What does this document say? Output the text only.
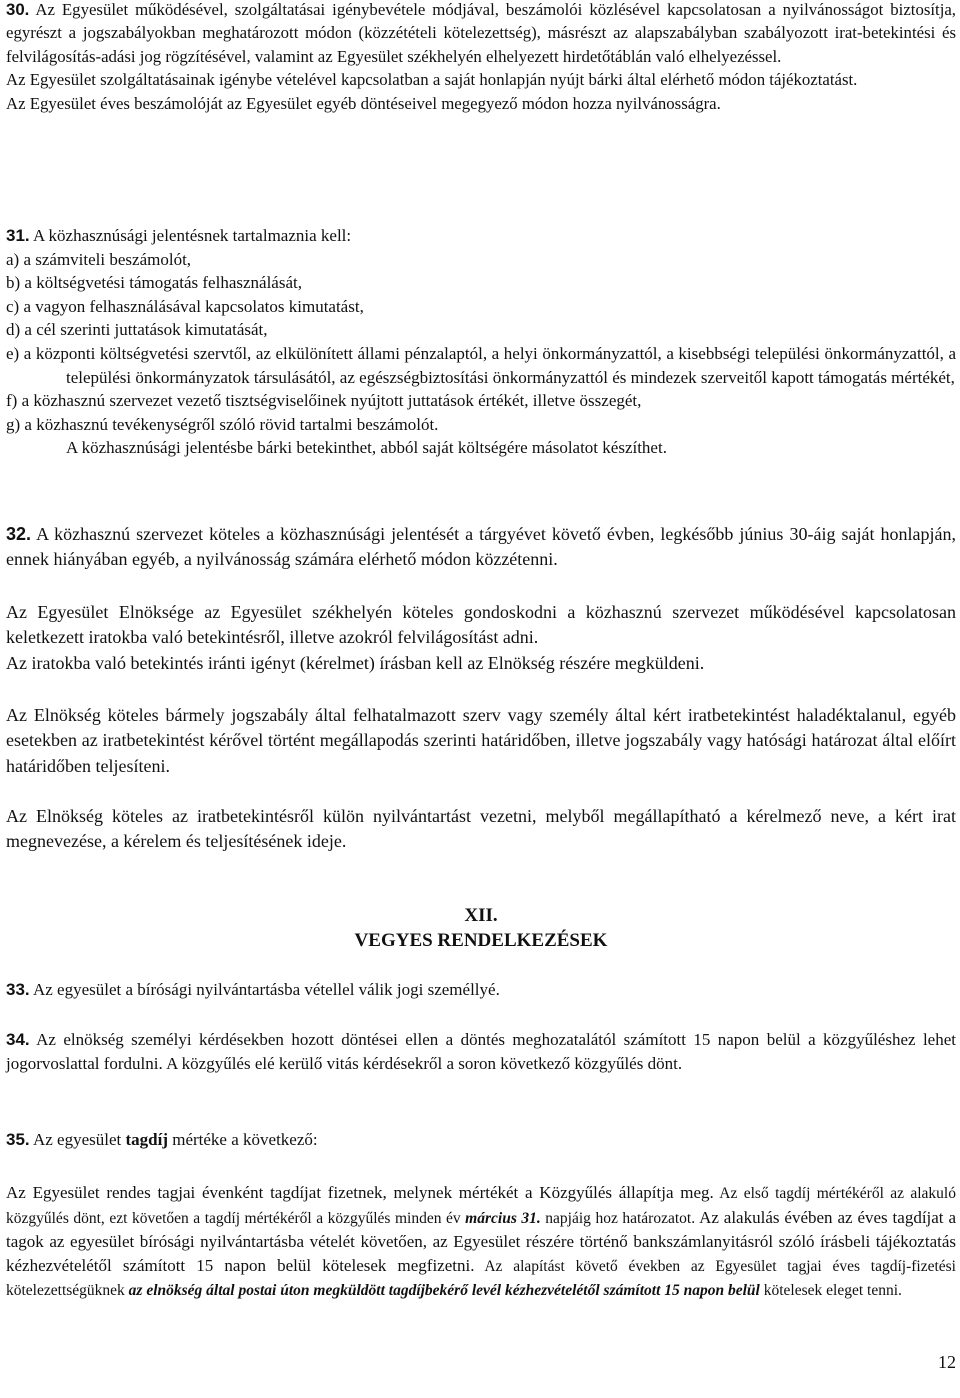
30. Az Egyesület működésével, szolgáltatásai igénybevétele módjával, beszámolói közlésével kapcsolatosan a nyilvánosságot biztosítja, egyrészt a jogszabályokban meghatározott módon (közzétételi kötelezettség), másrészt az alapszabályban szabályozott irat-betekintési és felvilágosítás-adási jog rögzítésével, valamint az Egyesület székhelyén elhelyezett hirdetőtáblán való elhelyezéssel.

Az Egyesület szolgáltatásainak igénybe vételével kapcsolatban a saját honlapján nyújt bárki által elérhető módon tájékoztatást.

Az Egyesület éves beszámolóját az Egyesület egyéb döntéseivel megegyező módon hozza nyilvánosságra.

31. A közhasznúsági jelentésnek tartalmaznia kell:

a) a számviteli beszámolót,

b) a költségvetési támogatás felhasználását,

c) a vagyon felhasználásával kapcsolatos kimutatást,

d) a cél szerinti juttatások kimutatását,

e) a központi költségvetési szervtől, az elkülönített állami pénzalaptól, a helyi önkormányzattól, a kisebbségi települési önkormányzattól, a települési önkormányzatok társulásától, az egészségbiztosítási önkormányzattól és mindezek szerveitől kapott támogatás mértékét,

f) a közhasznú szervezet vezető tisztségviselőinek nyújtott juttatások értékét, illetve összegét,

g) a közhasznú tevékenységről szóló rövid tartalmi beszámolót.

A közhasznúsági jelentésbe bárki betekinthet, abból saját költségére másolatot készíthet.

32. A közhasznú szervezet köteles a közhasznúsági jelentését a tárgyévet követő évben, legkésőbb június 30-áig saját honlapján, ennek hiányában egyéb, a nyilvánosság számára elérhető módon közzétenni.

Az Egyesület Elnöksége az Egyesület székhelyén köteles gondoskodni a közhasznú szervezet működésével kapcsolatosan keletkezett iratokba való betekintésről, illetve azokról felvilágosítást adni.

Az iratokba való betekintés iránti igényt (kérelmet) írásban kell az Elnökség részére megküldeni.

Az Elnökség köteles bármely jogszabály által felhatalmazott szerv vagy személy által kért iratbetekintést haladéktalanul, egyéb esetekben az iratbetekintést kérővel történt megállapodás szerinti határidőben, illetve jogszabály vagy hatósági határozat által előírt határidőben teljesíteni.

Az Elnökség köteles az iratbetekintésről külön nyilvántartást vezetni, melyből megállapítható a kérelmező neve, a kért irat megnevezése, a kérelem és teljesítésének ideje.

XII.

VEGYES RENDELKEZÉSEK

33. Az egyesület a bírósági nyilvántartásba vétellel válik jogi személlyé.

34. Az elnökség személyi kérdésekben hozott döntései ellen a döntés meghozatalától számított 15 napon belül a közgyűléshez lehet jogorvoslattal fordulni. A közgyűlés elé kerülő vitás kérdésekről a soron következő közgyűlés dönt.

35. Az egyesület tagdíj mértéke a következő:

Az Egyesület rendes tagjai évenként tagdíjat fizetnek, melynek mértékét a Közgyűlés állapítja meg. Az első tagdíj mértékéről az alakuló közgyűlés dönt, ezt követően a tagdíj mértékéről a közgyűlés minden év március 31. napjáig hoz határozatot. Az alakulás évében az éves tagdíjat a tagok az egyesület bírósági nyilvántartásba vételét követően, az Egyesület részére történő bankszámlanyitásról szóló írásbeli tájékoztatás kézhezvételétől számított 15 napon belül kötelesek megfizetni. Az alapítást követő években az Egyesület tagjai éves tagdíj-fizetési kötelezettségüknek az elnökség által postai úton megküldött tagdíjbekérő levél kézhezvételétől számított 15 napon belül kötelesek eleget tenni.

12
